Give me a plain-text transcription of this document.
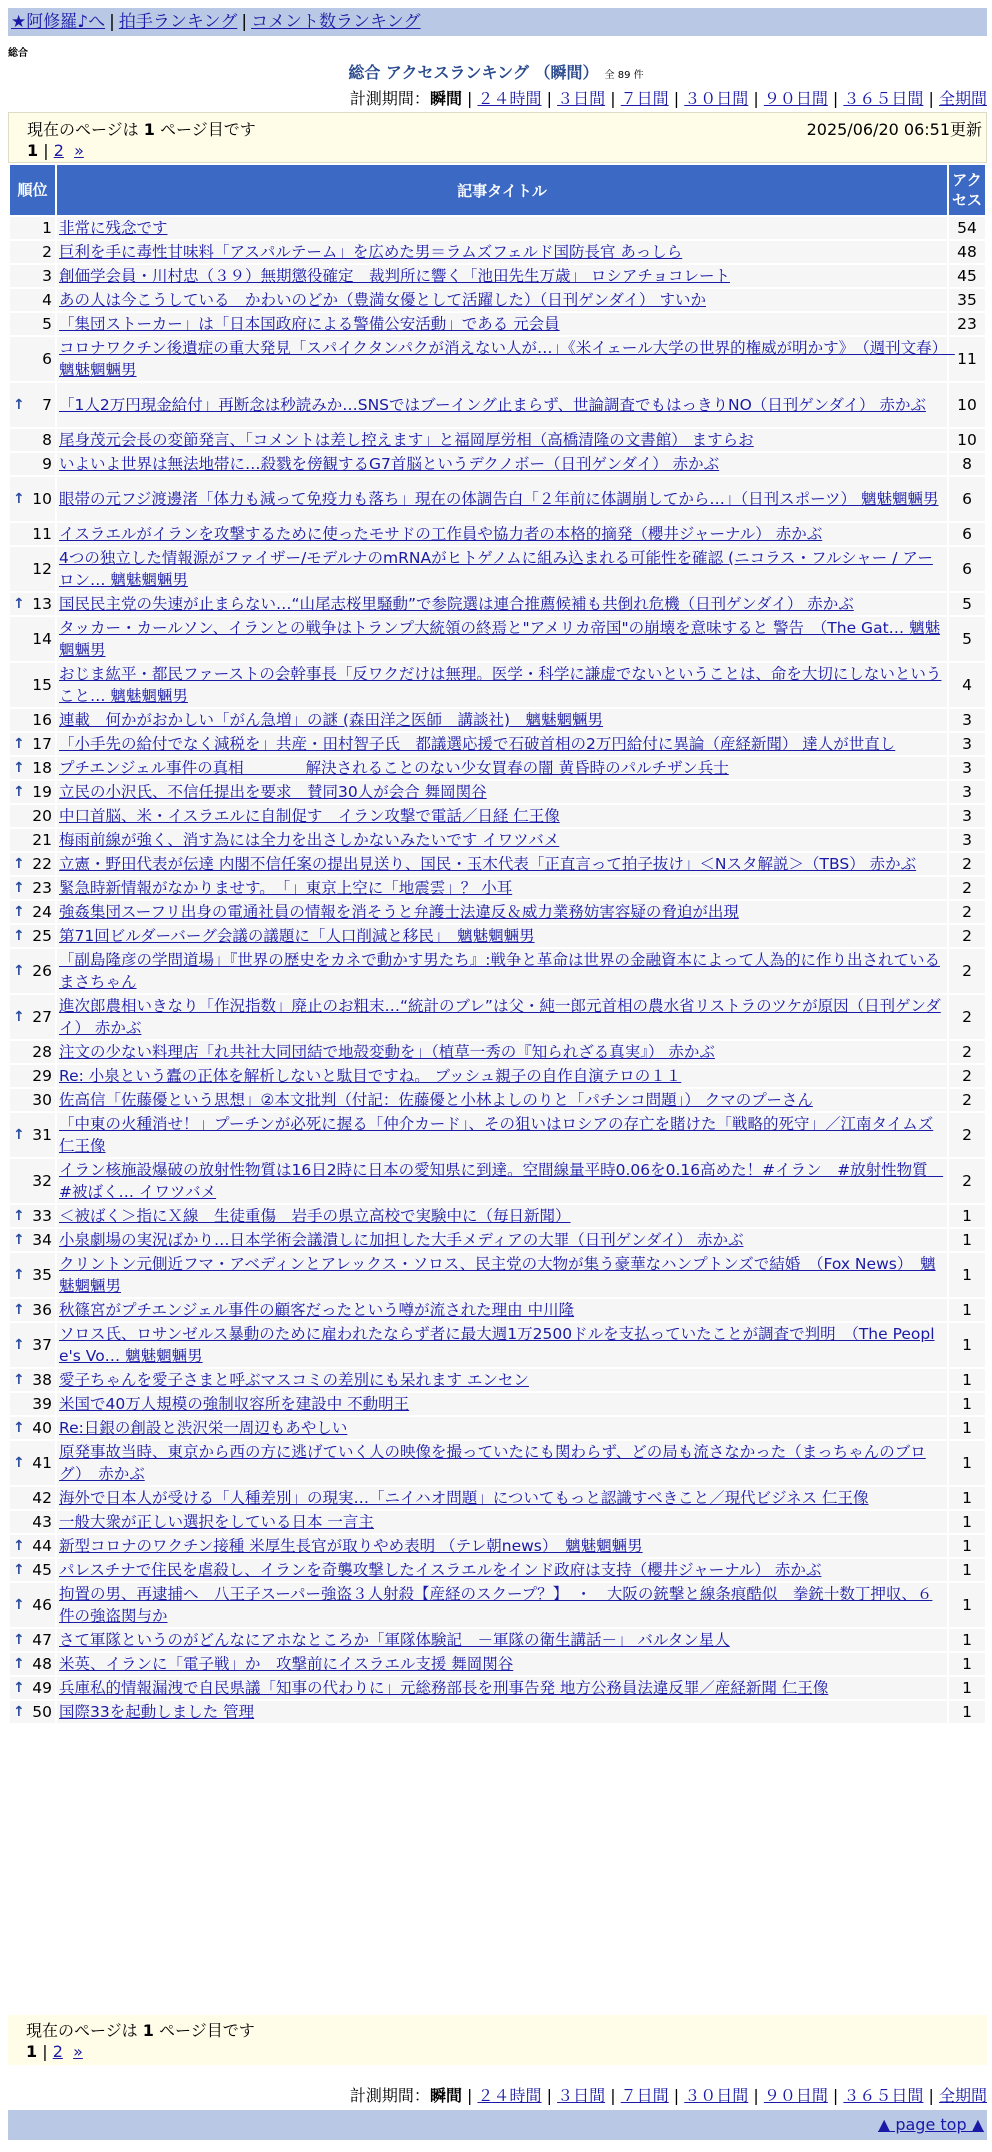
★阿修羅♪へ | 拍手ランキング | コメント数ランキング
総合
総合 アクセスランキング （瞬間） 全 89 件
計測期間：瞬間 | ２４時間 | ３日間 | ７日間 | ３０日間 | ９０日間 | ３６５日間 | 全期間
現在のページは 1 ページ目です	2025/06/20 06:51更新
1 | 2 »
順位	記事タイトル	アクセス
1	非常に残念です	54
2	巨利を手に毒性甘味料「アスパルテーム」を広めた男＝ラムズフェルド国防長官 あっしら	48
3	創価学会員・川村忠（３９）無期懲役確定　裁判所に響く「池田先生万歳」 ロシアチョコレート	45
4	あの人は今こうしている　かわいのどか（豊満女優として活躍した）（日刊ゲンダイ） すいか	35
5	「集団ストーカー」は「日本国政府による警備公安活動」である 元会員	23
6	コロナワクチン後遺症の重大発見「スパイクタンパクが消えない人が…」《米イェール大学の世界的権威が明かす》　（週刊文春）　魑魅魍魎男	11

↑ 7	「1人2万円現金給付」再断念は秒読みか…SNSではブーイング止まらず、世論調査でもはっきりNO（日刊ゲンダイ） 赤かぶ	10
8	尾身茂元会長の変節発言、「コメントは差し控えます」と福岡厚労相（高橋清隆の文書館） ますらお	10
9	いよいよ世界は無法地帯に…殺戮を傍観するG7首脳というデクノボー（日刊ゲンダイ） 赤かぶ	8

↑ 10	眼帯の元フジ渡邊渚「体力も減って免疫力も落ち」現在の体調告白「２年前に体調崩してから…」（日刊スポーツ） 魑魅魍魎男	6
11	イスラエルがイランを攻撃するために使ったモサドの工作員や協力者の本格的摘発（櫻井ジャーナル） 赤かぶ	6
12	4つの独立した情報源がファイザー/モデルナのmRNAがヒトゲノムに組み込まれる可能性を確認 (ニコラス・フルシャー / アーロン… 魑魅魍魎男	6

↑ 13	国民民主党の失速が止まらない…“山尾志桜里騒動”で参院選は連合推薦候補も共倒れ危機（日刊ゲンダイ） 赤かぶ	5
14	タッカー・カールソン、イランとの戦争はトランプ大統領の終焉と"アメリカ帝国"の崩壊を意味すると 警告　（The Gat… 魑魅魍魎男	5
15	おじま紘平・都民ファーストの会幹事長「反ワクだけは無理。医学・科学に謙虚でないということは、命を大切にしないということ… 魑魅魍魎男	4
16	連載　何かがおかしい「がん急増」の謎 (森田洋之医師　講談社)　魑魅魍魎男	3

↑ 17	「小手先の給付でなく減税を」共産・田村智子氏　都議選応援で石破首相の2万円給付に異論（産経新聞） 達人が世直し	3

↑ 18	プチエンジェル事件の真相　　　　解決されることのない少女買春の闇 黄昏時のパルチザン兵士	3

↑ 19	立民の小沢氏、不信任提出を要求　賛同30人が会合 舞岡関谷	3
20	中口首脳、米・イスラエルに自制促す　イラン攻撃で電話／日経 仁王像	3
21	梅雨前線が強く、消す為には全力を出さしかないみたいです イワツバメ	3

↑ 22	立憲・野田代表が伝達 内閣不信任案の提出見送り、国民・玉木代表「正直言って拍子抜け」＜Nスタ解説＞（TBS） 赤かぶ	2

↑ 23	緊急時新情報がなかりませす。　「」東京上空に「地震雲」？ 小耳	2

↑ 24	強姦集団スーフリ出身の電通社員の情報を消そうと弁護士法違反＆威力業務妨害容疑の脅迫が出現	2

↑ 25	第71回ビルダーバーグ会議の議題に「人口削減と移民」　魑魅魍魎男	2

↑ 26	「副島隆彦の学問道場」『世界の歴史をカネで動かす男たち』:戦争と革命は世界の金融資本によって人為的に作り出されている まさちゃん	2

↑ 27	進次郎農相いきなり「作況指数」廃止のお粗末…“統計のブレ”は父・純一郎元首相の農水省リストラのツケが原因（日刊ゲンダイ） 赤かぶ	2
28	注文の少ない料理店「れ共社大同団結で地殻変動を」（植草一秀の『知られざる真実』） 赤かぶ	2
29	Re: 小泉という蠹の正体を解析しないと駄目ですね。 ブッシュ親子の自作自演テロの１１	2
30	佐高信「佐藤優という思想」②本文批判（付記：佐藤優と小林よしのりと「パチンコ問題」） クマのプーさん	2

↑ 31	「中東の火種消せ！」プーチンが必死に握る「仲介カード」、その狙いはロシアの存亡を賭けた「戦略的死守」／江南タイムズ 仁王像	2
32	イラン核施設爆破の放射性物質は16日2時に日本の愛知県に到達。空間線量平時0.06を0.16高めた！#イラン　#放射性物質　#被ばく… イワツバメ	2

↑ 33	＜被ばく＞指にＸ線　生徒重傷　岩手の県立高校で実験中に（毎日新聞）	1

↑ 34	小泉劇場の実況ばかり…日本学術会議潰しに加担した大手メディアの大罪（日刊ゲンダイ） 赤かぶ	1

↑ 35	クリントン元側近フマ・アベディンとアレックス・ソロス、民主党の大物が集う豪華なハンプトンズで結婚　（Fox News）　魑魅魍魎男	1

↑ 36	秋篠宮がプチエンジェル事件の顧客だったという噂が流された理由 中川隆	1

↑ 37	ソロス氏、ロサンゼルス暴動のために雇われたならず者に最大週1万2500ドルを支払っていたことが調査で判明　（The People's Vo… 魑魅魍魎男	1

↑ 38	愛子ちゃんを愛子さまと呼ぶマスコミの差別にも呆れます エンセン	1
39	米国で40万人規模の強制収容所を建設中 不動明王	1

↑ 40	Re:日銀の創設と渋沢栄一周辺もあやしい	1

↑ 41	原発事故当時、東京から西の方に逃げていく人の映像を撮っていたにも関わらず、どの局も流さなかった（まっちゃんのブログ）　赤かぶ	1
42	海外で日本人が受ける「人種差別」の現実…「ニイハオ問題」についてもっと認識すべきこと／現代ビジネス 仁王像	1
43	一般大衆が正しい選択をしている日本 一言主	1

↑ 44	新型コロナのワクチン接種 米厚生長官が取りやめ表明 （テレ朝news）　魑魅魍魎男	1

↑ 45	パレスチナで住民を虐殺し、イランを奇襲攻撃したイスラエルをインド政府は支持（櫻井ジャーナル） 赤かぶ	1

↑ 46	拘置の男、再逮捕へ　八王子スーパー強盗３人射殺【産経のスクープ？】　・　大阪の銃撃と線条痕酷似　拳銃十数丁押収、６件の強盗関与か	1

↑ 47	さて軍隊というのがどんなにアホなところか「軍隊体験記　－軍隊の衛生講話－」 バルタン星人	1

↑ 48	米英、イランに「電子戦」か　攻撃前にイスラエル支援 舞岡関谷	1

↑ 49	兵庫私的情報漏洩で自民県議「知事の代わりに」元総務部長を刑事告発 地方公務員法違反罪／産経新聞 仁王像	1

↑ 50	国際33を起動しました 管理	1
現在のページは 1 ページ目です
1 | 2 »
計測期間：瞬間 | ２４時間 | ３日間 | ７日間 | ３０日間 | ９０日間 | ３６５日間 | 全期間
▲ page top ▲
